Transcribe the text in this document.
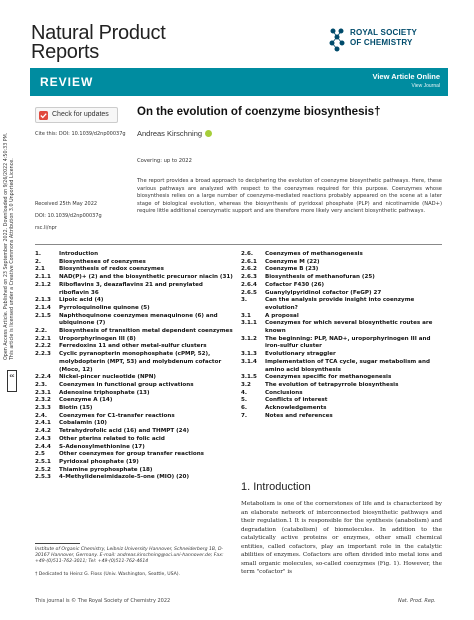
Natural Product
Reports
ROYAL SOCIETY
OF CHEMISTRY
REVIEW	View Article Online
View Journal
Open Access Article. Published on 23 September 2022. Downloaded on 9/26/2022 4:50:33 PM. This article is licensed under a Creative Commons Attribution 3.0 Unported Licence.
cc
Check for updates
Cite this: DOI: 10.1039/d2np00037g
On the evolution of coenzyme biosynthesis†
Andreas Kirschning
Received 25th May 2022
DOI: 10.1039/d2np00037g
rsc.li/npr
Covering: up to 2022
The report provides a broad approach to deciphering the evolution of coenzyme biosynthetic pathways. Here, these various pathways are analyzed with respect to the coenzymes required for this purpose. Coenzymes whose biosynthesis relies on a large number of coenzyme-mediated reactions probably appeared on the scene at a later stage of biological evolution, whereas the biosynthesis of pyridoxal phosphate (PLP) and nicotinamide (NAD+) require little additional coenzymatic support and are therefore more likely very ancient biosynthetic pathways.
1.	Introduction
2.	Biosyntheses of coenzymes
2.1	Biosynthesis of redox coenzymes
2.1.1	NAD(P)+ (2) and the biosynthetic precursor niacin (31)
2.1.2	Riboflavins 3, deazaflavins 21 and prenylated riboflavin 36
2.1.3	Lipoic acid (4)
2.1.4	Pyrroloquinoline quinone (5)
2.1.5	Naphthoquinone coenzymes menaquinone (6) and ubiquinone (7)
2.2.	Biosynthesis of transition metal dependent coenzymes
2.2.1	Uroporphyrinogen III (8)
2.2.2	Ferredoxins 11 and other metal-sulfur clusters
2.2.3	Cyclic pyranopterin monophosphate (cPMP, 52), molybdopterin (MPT, 53) and molybdenum cofactor (Moco, 12)
2.2.4	Nickel-pincer nucleotide (NPN)
2.3.	Coenzymes in functional group activations
2.3.1	Adenosine triphosphate (13)
2.3.2	Coenzyme A (14)
2.3.3	Biotin (15)
2.4.	Coenzymes for C1-transfer reactions
2.4.1	Cobalamin (10)
2.4.2	Tetrahydrofolic acid (16) and THMPT (24)
2.4.3	Other pterins related to folic acid
2.4.4	S-Adenosylmethionine (17)
2.5	Other coenzymes for group transfer reactions
2.5.1	Pyridoxal phosphate (19)
2.5.2	Thiamine pyrophosphate (18)
2.5.3	4-Methylideneimidazole-5-one (MIO) (20)
2.6.	Coenzymes of methanogenesis
2.6.1	Coenzyme M (22)
2.6.2	Coenzyme B (23)
2.6.3	Biosynthesis of methanofuran (25)
2.6.4	Cofactor F430 (26)
2.6.5	Guanylylpyridinol cofactor (FeGP) 27
3.	Can the analysis provide insight into coenzyme evolution?
3.1	A proposal
3.1.1	Coenzymes for which several biosynthetic routes are known
3.1.2	The beginning: PLP, NAD+, uroporphyrinogen III and iron-sulfur cluster
3.1.3	Evolutionary straggler
3.1.4	Implementation of TCA cycle, sugar metabolism and amino acid biosynthesis
3.1.5	Coenzymes specific for methanogenesis
3.2	The evolution of tetrapyrrole biosynthesis
4.	Conclusions
5.	Conflicts of interest
6.	Acknowledgements
7.	Notes and references
1. Introduction
Metabolism is one of the cornerstones of life and is characterized by an elaborate network of interconnected biosynthetic pathways and their regulation.1 It is responsible for the synthesis (anabolism) and degradation (catabolism) of biomolecules. In addition to the catalytically active proteins or enzymes, other small chemical entities, called cofactors, play an important role in the catalytic abilities of enzymes. Cofactors are often divided into metal ions and small organic molecules, so-called coenzymes (Fig. 1). However, the term "cofactor" is
Institute of Organic Chemistry, Leibniz University Hannover, Schneiderberg 1B, D-30167 Hannover, Germany. E-mail: andreas.kirschning@oci.uni-hannover.de; Fax: +49-(0)511-762-3011; Tel: +49-(0)511-762-4614
† Dedicated to Heinz G. Floss (Univ. Washington, Seattle, USA).
This journal is © The Royal Society of Chemistry 2022	Nat. Prod. Rep.
